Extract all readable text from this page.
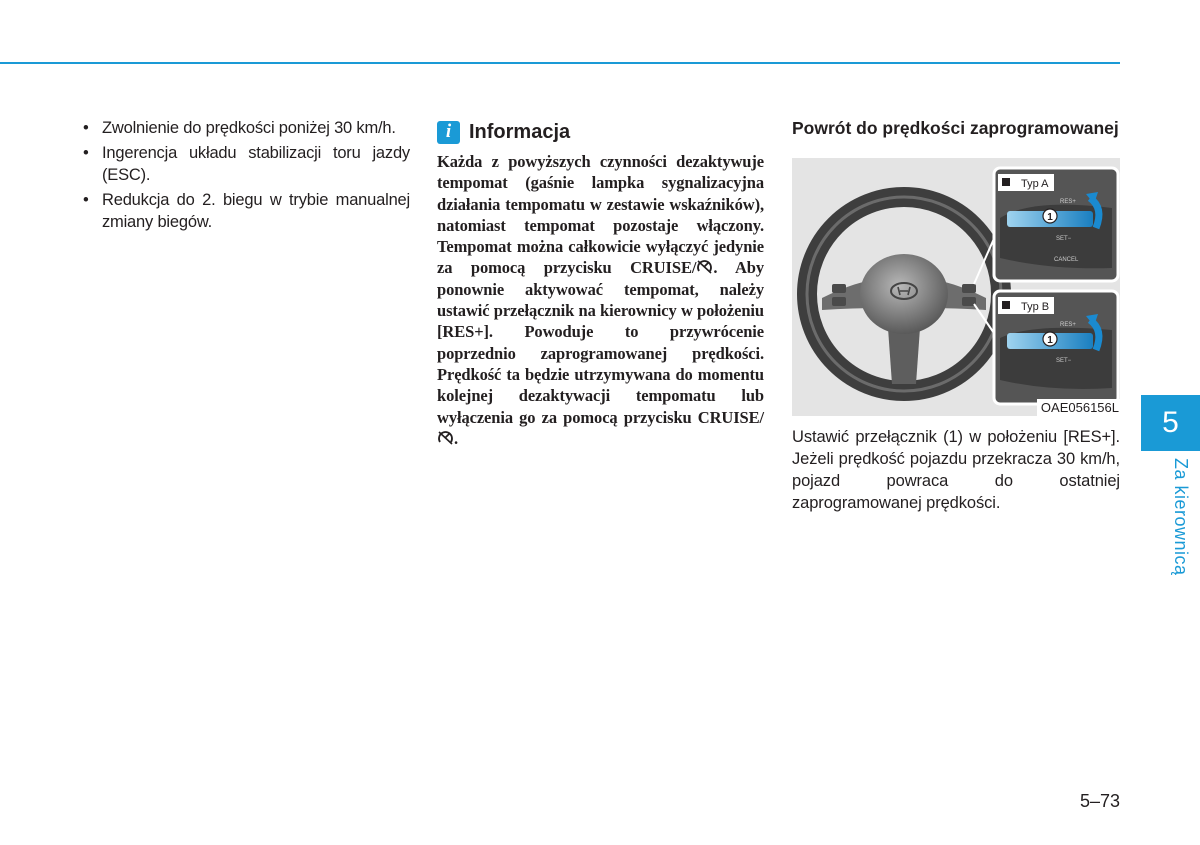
• Zwolnienie do prędkości poniżej 30 km/h.
• Ingerencja układu stabilizacji toru jazdy (ESC).
• Redukcja do 2. biegu w trybie manualnej zmiany biegów.
i Informacja
Każda z powyższych czynności dezaktywuje tempomat (gaśnie lampka sygnalizacyjna działania tempomatu w zestawie wskaźników), natomiast tempomat pozostaje włączony. Tempomat można całkowicie wyłączyć jedynie za pomocą przycisku CRUISE/ . Aby ponownie aktywować tempomat, należy ustawić przełącznik na kierownicy w położeniu [RES+]. Powoduje to przywrócenie poprzednio zaprogramowanej prędkości. Prędkość ta będzie utrzymywana do momentu kolejnej dezaktywacji tempomatu lub wyłączenia go za pomocą przycisku CRUISE/.
Powrót do prędkości zaprogramowanej
Typ A
Typ B
1
1
RES+
SET−
CANCEL
RES+
SET−
OAE056156L

Ustawić przełącznik (1) w położeniu [RES+]. Jeżeli prędkość pojazdu przekracza 30 km/h, pojazd powraca do ostatniej zaprogramowanej prędkości.

5
Za kierownicą
5–73
